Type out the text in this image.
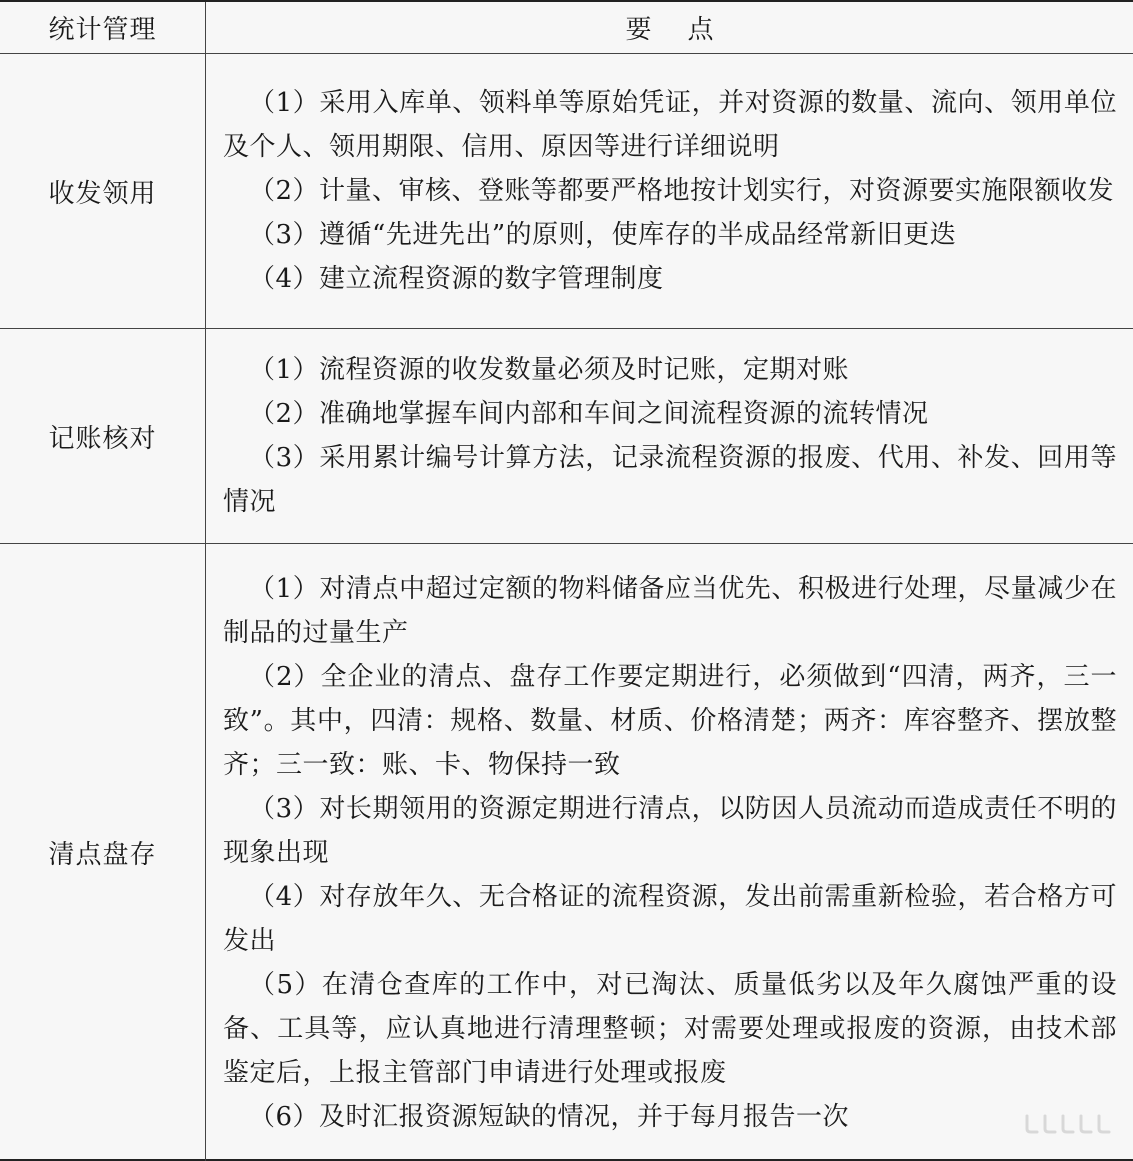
统计管理	要 点
收发领用

（1）采用入库单、领料单等原始凭证，并对资源的数量、流向、领用单位及个人、领用期限、信用、原因等进行详细说明

（2）计量、审核、登账等都要严格地按计划实行，对资源要实施限额收发

（3）遵循“先进先出”的原则，使库存的半成品经常新旧更迭

（4）建立流程资源的数字管理制度

记账核对

（1）流程资源的收发数量必须及时记账，定期对账

（2）准确地掌握车间内部和车间之间流程资源的流转情况

（3）采用累计编号计算方法，记录流程资源的报废、代用、补发、回用等情况

清点盘存

（1）对清点中超过定额的物料储备应当优先、积极进行处理，尽量减少在制品的过量生产

（2）全企业的清点、盘存工作要定期进行，必须做到“四清，两齐，三一致”。其中，四清：规格、数量、材质、价格清楚；两齐：库容整齐、摆放整齐；三一致：账、卡、物保持一致

（3）对长期领用的资源定期进行清点，以防因人员流动而造成责任不明的现象出现

（4）对存放年久、无合格证的流程资源，发出前需重新检验，若合格方可发出

（5）在清仓查库的工作中，对已淘汰、质量低劣以及年久腐蚀严重的设备、工具等，应认真地进行清理整顿；对需要处理或报废的资源，由技术部鉴定后，上报主管部门申请进行处理或报废

（6）及时汇报资源短缺的情况，并于每月报告一次
